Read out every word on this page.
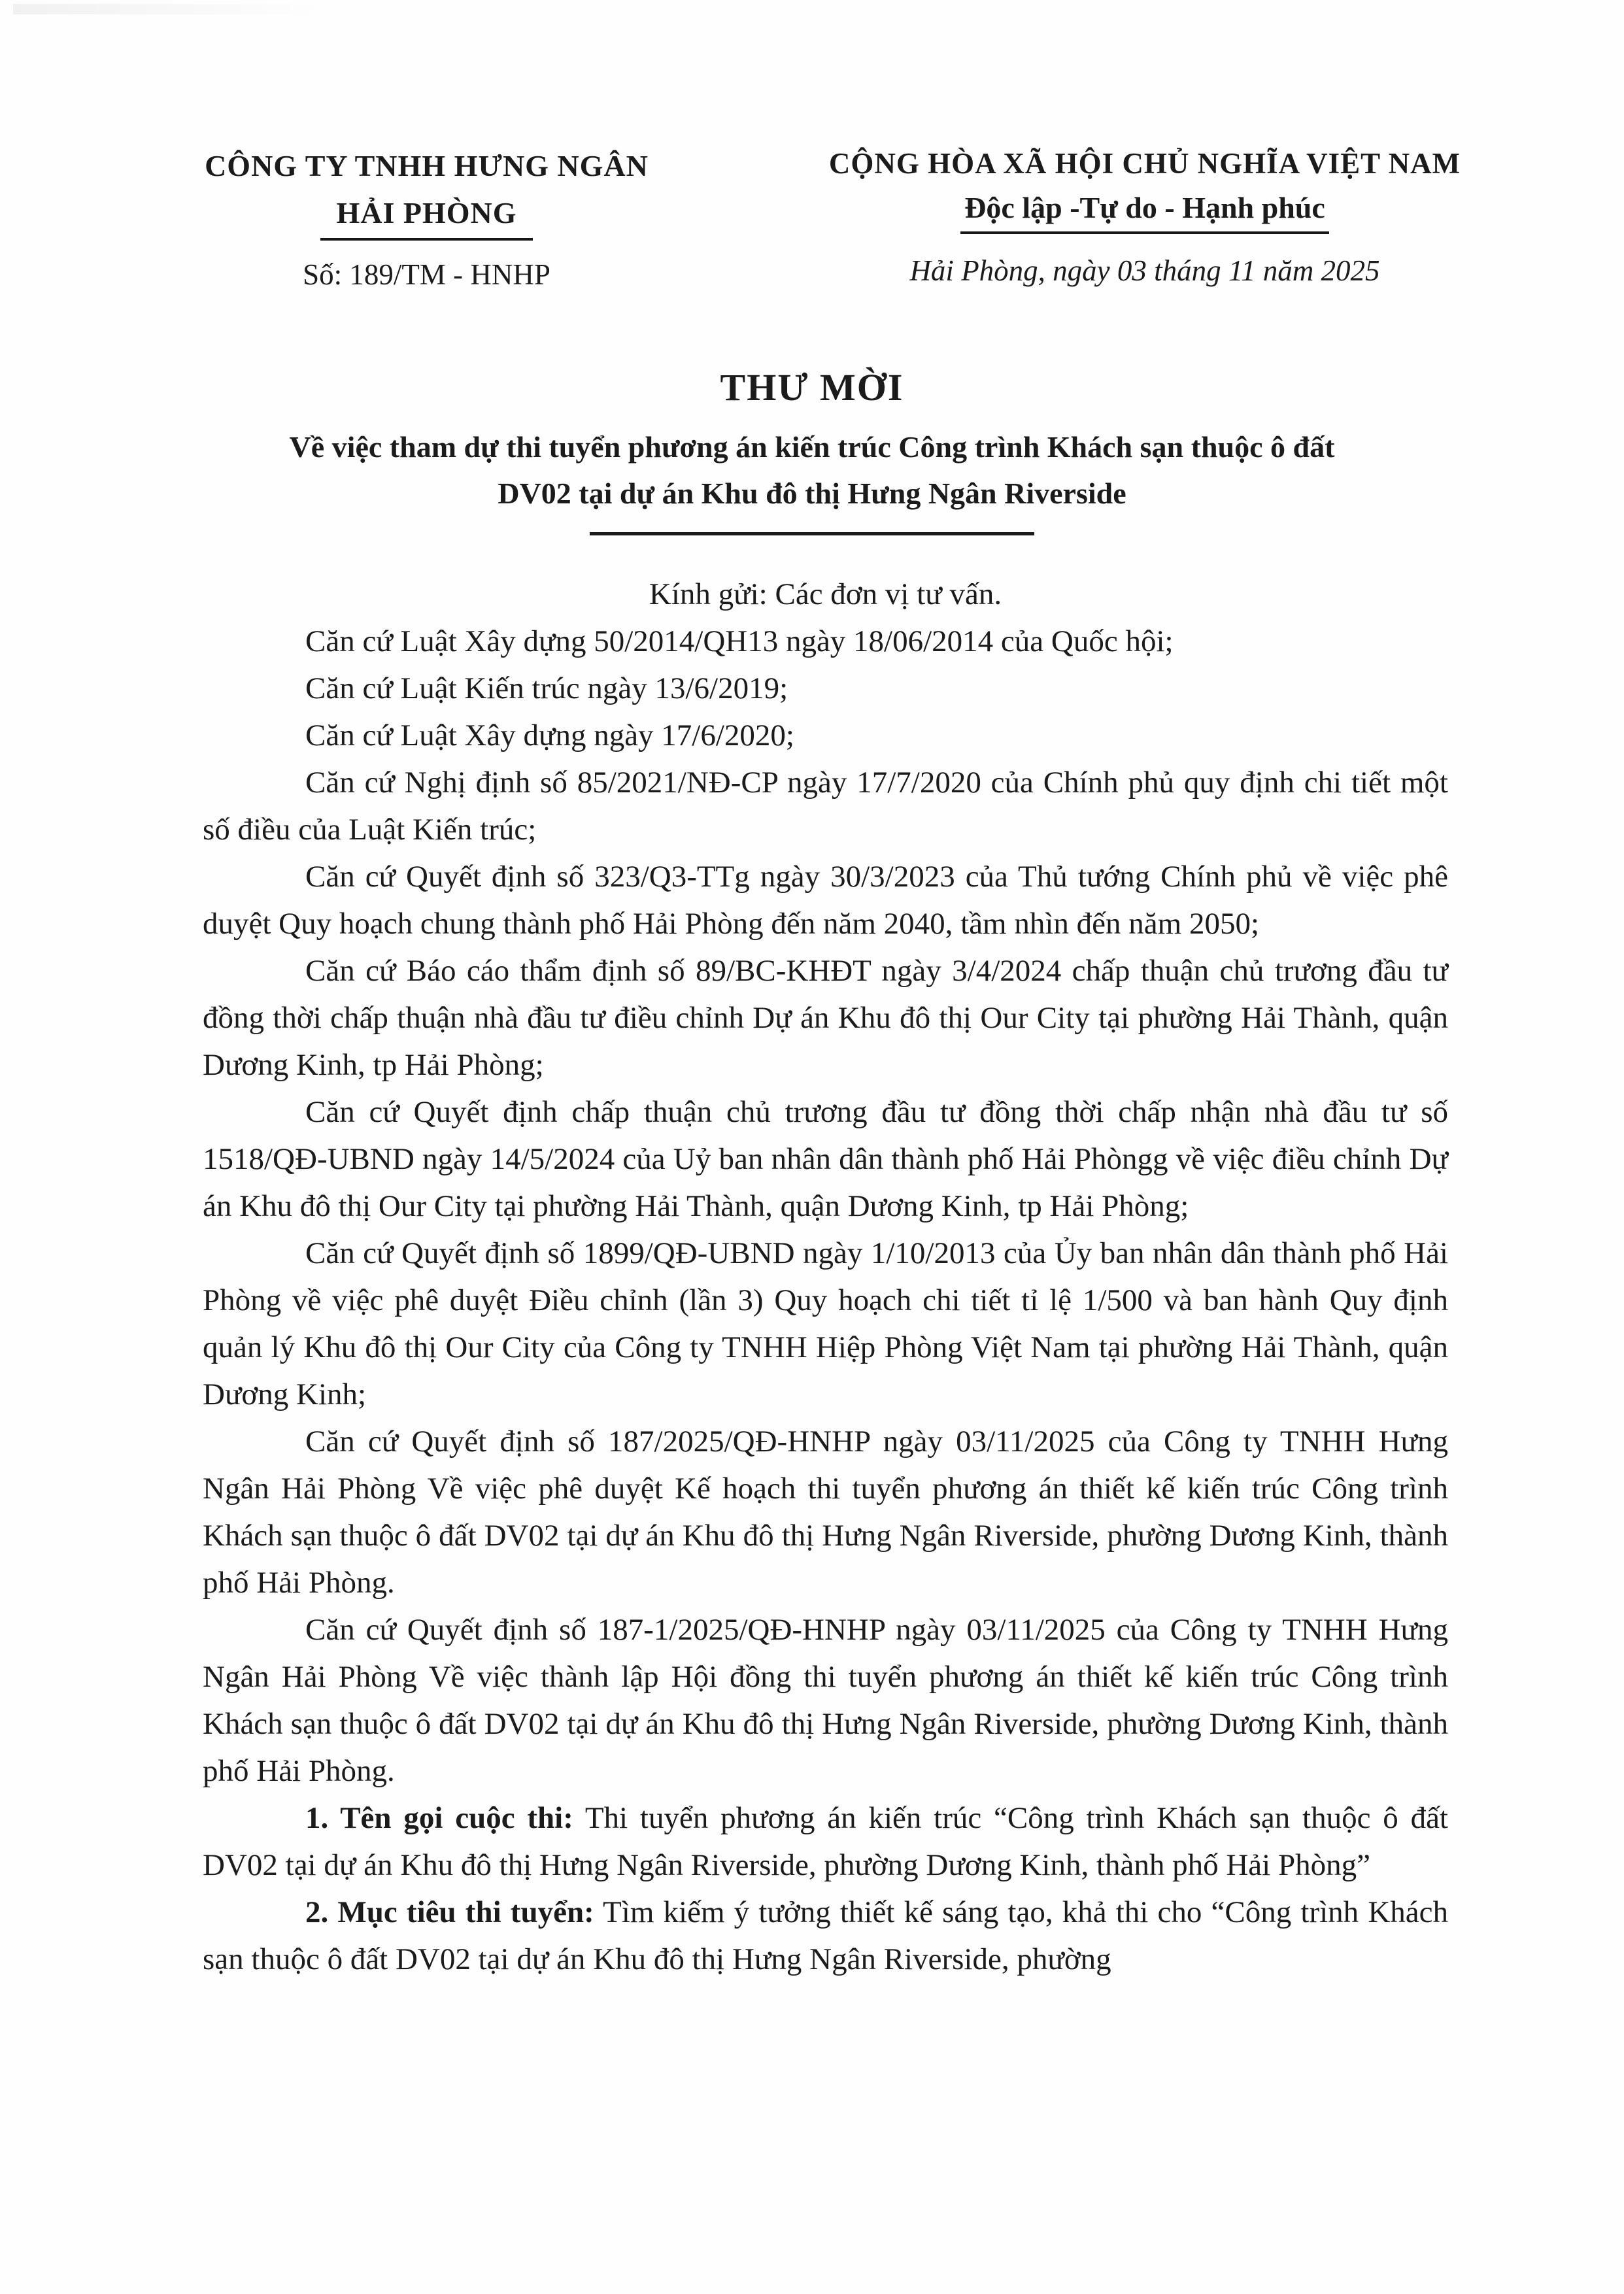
CÔNG TY TNHH HƯNG NGÂN
HẢI PHÒNG
Số: 189/TM - HNHP
CỘNG HÒA XÃ HỘI CHỦ NGHĨA VIỆT NAM
Độc lập -Tự do - Hạnh phúc
Hải Phòng, ngày 03 tháng 11 năm 2025
THƯ MỜI
Về việc tham dự thi tuyển phương án kiến trúc Công trình Khách sạn thuộc ô đất
DV02 tại dự án Khu đô thị Hưng Ngân Riverside

Kính gửi: Các đơn vị tư vấn.

Căn cứ Luật Xây dựng 50/2014/QH13 ngày 18/06/2014 của Quốc hội;

Căn cứ Luật Kiến trúc ngày 13/6/2019;

Căn cứ Luật Xây dựng ngày 17/6/2020;

Căn cứ Nghị định số 85/2021/NĐ-CP ngày 17/7/2020 của Chính phủ quy định chi tiết một số điều của Luật Kiến trúc;

Căn cứ Quyết định số 323/Q3-TTg ngày 30/3/2023 của Thủ tướng Chính phủ về việc phê duyệt Quy hoạch chung thành phố Hải Phòng đến năm 2040, tầm nhìn đến năm 2050;

Căn cứ Báo cáo thẩm định số 89/BC-KHĐT ngày 3/4/2024 chấp thuận chủ trương đầu tư đồng thời chấp thuận nhà đầu tư điều chỉnh Dự án Khu đô thị Our City tại phường Hải Thành, quận Dương Kinh, tp Hải Phòng;

Căn cứ Quyết định chấp thuận chủ trương đầu tư đồng thời chấp nhận nhà đầu tư số 1518/QĐ-UBND ngày 14/5/2024 của Uỷ ban nhân dân thành phố Hải Phòngg về việc điều chỉnh Dự án Khu đô thị Our City tại phường Hải Thành, quận Dương Kinh, tp Hải Phòng;

Căn cứ Quyết định số 1899/QĐ-UBND ngày 1/10/2013 của Ủy ban nhân dân thành phố Hải Phòng về việc phê duyệt Điều chỉnh (lần 3) Quy hoạch chi tiết tỉ lệ 1/500 và ban hành Quy định quản lý Khu đô thị Our City của Công ty TNHH Hiệp Phòng Việt Nam tại phường Hải Thành, quận Dương Kinh;

Căn cứ Quyết định số 187/2025/QĐ-HNHP ngày 03/11/2025 của Công ty TNHH Hưng Ngân Hải Phòng Về việc phê duyệt Kế hoạch thi tuyển phương án thiết kế kiến trúc Công trình Khách sạn thuộc ô đất DV02 tại dự án Khu đô thị Hưng Ngân Riverside, phường Dương Kinh, thành phố Hải Phòng.

Căn cứ Quyết định số 187-1/2025/QĐ-HNHP ngày 03/11/2025 của Công ty TNHH Hưng Ngân Hải Phòng Về việc thành lập Hội đồng thi tuyển phương án thiết kế kiến trúc Công trình Khách sạn thuộc ô đất DV02 tại dự án Khu đô thị Hưng Ngân Riverside, phường Dương Kinh, thành phố Hải Phòng.

1. Tên gọi cuộc thi: Thi tuyển phương án kiến trúc “Công trình Khách sạn thuộc ô đất DV02 tại dự án Khu đô thị Hưng Ngân Riverside, phường Dương Kinh, thành phố Hải Phòng”

2. Mục tiêu thi tuyển: Tìm kiếm ý tưởng thiết kế sáng tạo, khả thi cho “Công trình Khách sạn thuộc ô đất DV02 tại dự án Khu đô thị Hưng Ngân Riverside, phường
